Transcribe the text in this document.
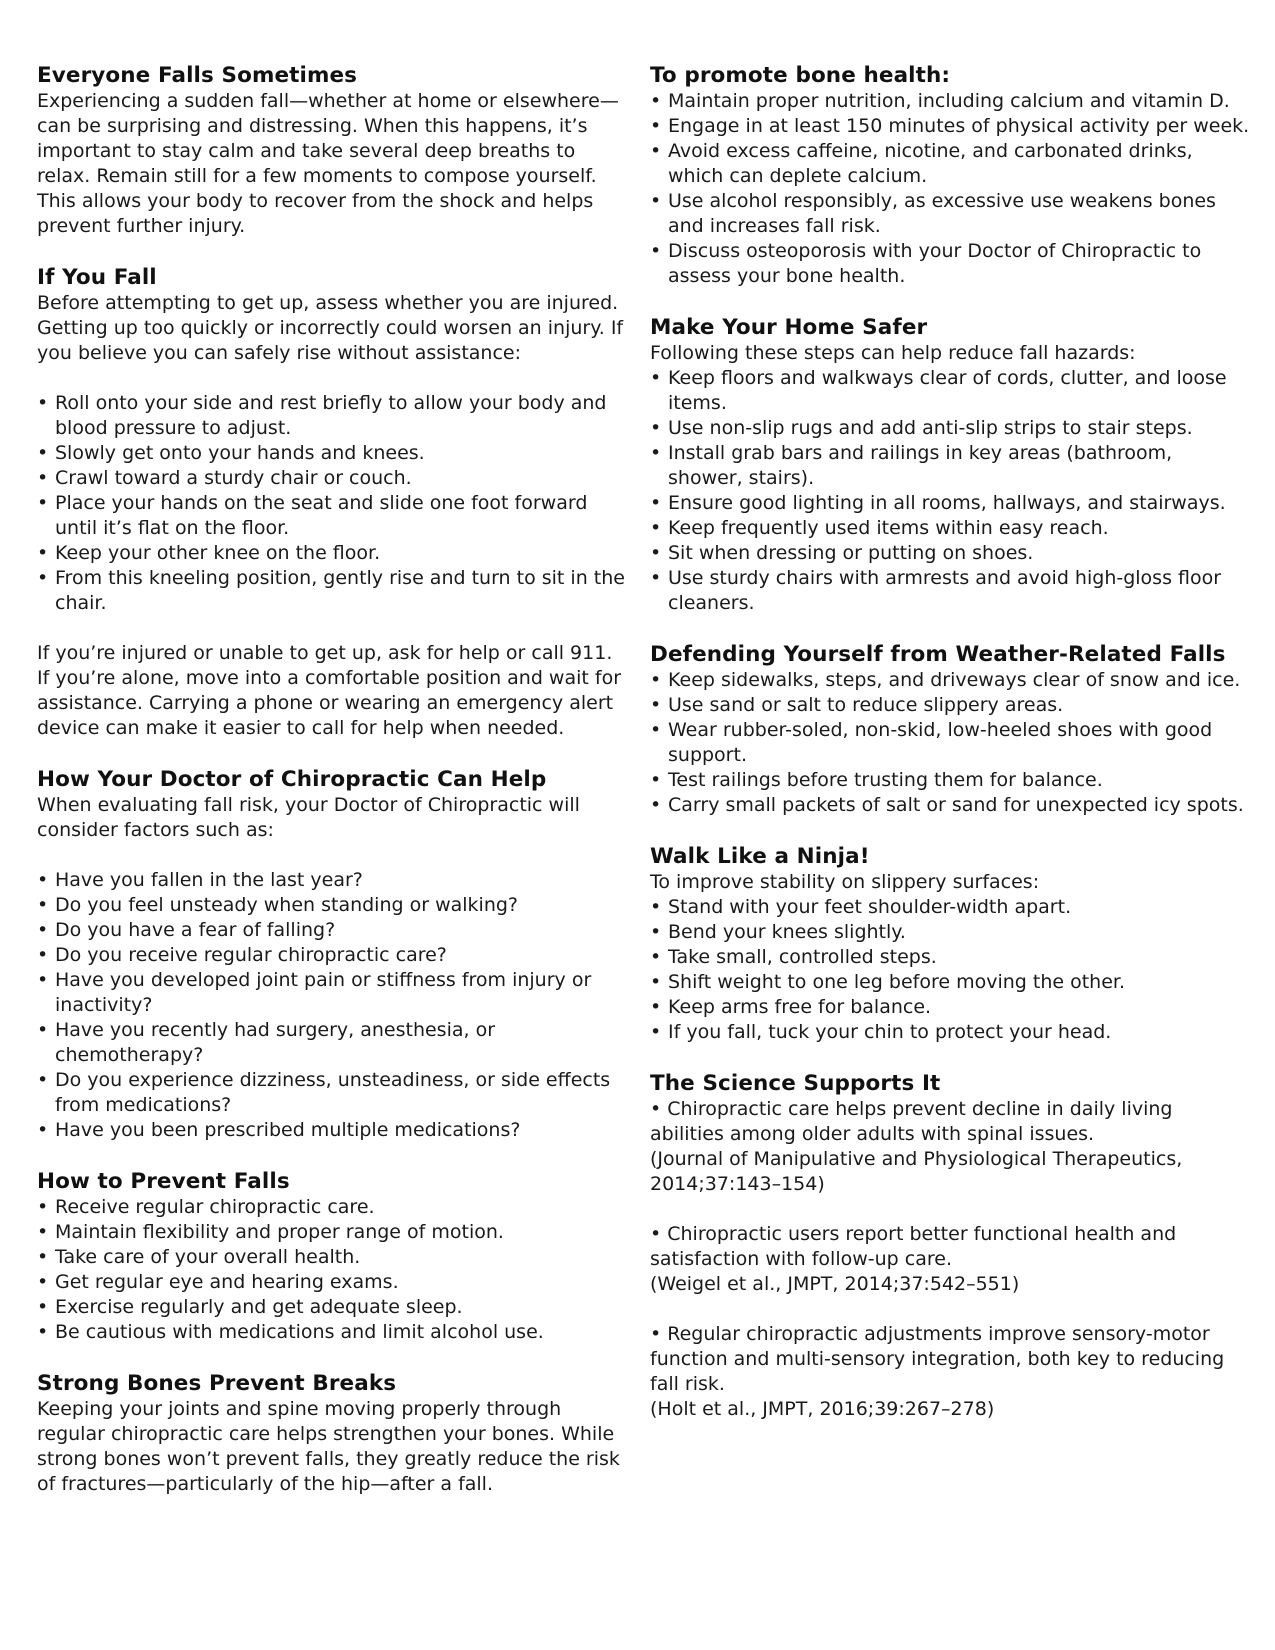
Everyone Falls Sometimes

Experiencing a sudden fall—whether at home or elsewhere—can be surprising and distressing. When this happens, it’s important to stay calm and take several deep breaths to relax. Remain still for a few moments to compose yourself. This allows your body to recover from the shock and helps prevent further injury.

If You Fall

Before attempting to get up, assess whether you are injured. Getting up too quickly or incorrectly could worsen an injury. If you believe you can safely rise without assistance:

• Roll onto your side and rest briefly to allow your body and blood pressure to adjust.
• Slowly get onto your hands and knees.
• Crawl toward a sturdy chair or couch.
• Place your hands on the seat and slide one foot forward until it’s flat on the floor.
• Keep your other knee on the floor.
• From this kneeling position, gently rise and turn to sit in the chair.

If you’re injured or unable to get up, ask for help or call 911. If you’re alone, move into a comfortable position and wait for assistance. Carrying a phone or wearing an emergency alert device can make it easier to call for help when needed.

How Your Doctor of Chiropractic Can Help

When evaluating fall risk, your Doctor of Chiropractic will consider factors such as:

• Have you fallen in the last year?
• Do you feel unsteady when standing or walking?
• Do you have a fear of falling?
• Do you receive regular chiropractic care?
• Have you developed joint pain or stiffness from injury or inactivity?
• Have you recently had surgery, anesthesia, or chemotherapy?
• Do you experience dizziness, unsteadiness, or side effects from medications?
• Have you been prescribed multiple medications?
How to Prevent Falls
• Receive regular chiropractic care.
• Maintain flexibility and proper range of motion.
• Take care of your overall health.
• Get regular eye and hearing exams.
• Exercise regularly and get adequate sleep.
• Be cautious with medications and limit alcohol use.
Strong Bones Prevent Breaks

Keeping your joints and spine moving properly through regular chiropractic care helps strengthen your bones. While strong bones won’t prevent falls, they greatly reduce the risk of fractures—particularly of the hip—after a fall.

To promote bone health:
• Maintain proper nutrition, including calcium and vitamin D.
• Engage in at least 150 minutes of physical activity per week.
• Avoid excess caffeine, nicotine, and carbonated drinks, which can deplete calcium.
• Use alcohol responsibly, as excessive use weakens bones and increases fall risk.
• Discuss osteoporosis with your Doctor of Chiropractic to assess your bone health.
Make Your Home Safer

Following these steps can help reduce fall hazards:

• Keep floors and walkways clear of cords, clutter, and loose items.
• Use non-slip rugs and add anti-slip strips to stair steps.
• Install grab bars and railings in key areas (bathroom, shower, stairs).
• Ensure good lighting in all rooms, hallways, and stairways.
• Keep frequently used items within easy reach.
• Sit when dressing or putting on shoes.
• Use sturdy chairs with armrests and avoid high-gloss floor cleaners.
Defending Yourself from Weather-Related Falls
• Keep sidewalks, steps, and driveways clear of snow and ice.
• Use sand or salt to reduce slippery areas.
• Wear rubber-soled, non-skid, low-heeled shoes with good support.
• Test railings before trusting them for balance.
• Carry small packets of salt or sand for unexpected icy spots.
Walk Like a Ninja!

To improve stability on slippery surfaces:

• Stand with your feet shoulder-width apart.
• Bend your knees slightly.
• Take small, controlled steps.
• Shift weight to one leg before moving the other.
• Keep arms free for balance.
• If you fall, tuck your chin to protect your head.
The Science Supports It

• Chiropractic care helps prevent decline in daily living abilities among older adults with spinal issues.

(Journal of Manipulative and Physiological Therapeutics, 2014;37:143–154)

• Chiropractic users report better functional health and satisfaction with follow-up care.

(Weigel et al., JMPT, 2014;37:542–551)

• Regular chiropractic adjustments improve sensory-motor function and multi-sensory integration, both key to reducing fall risk.

(Holt et al., JMPT, 2016;39:267–278)
